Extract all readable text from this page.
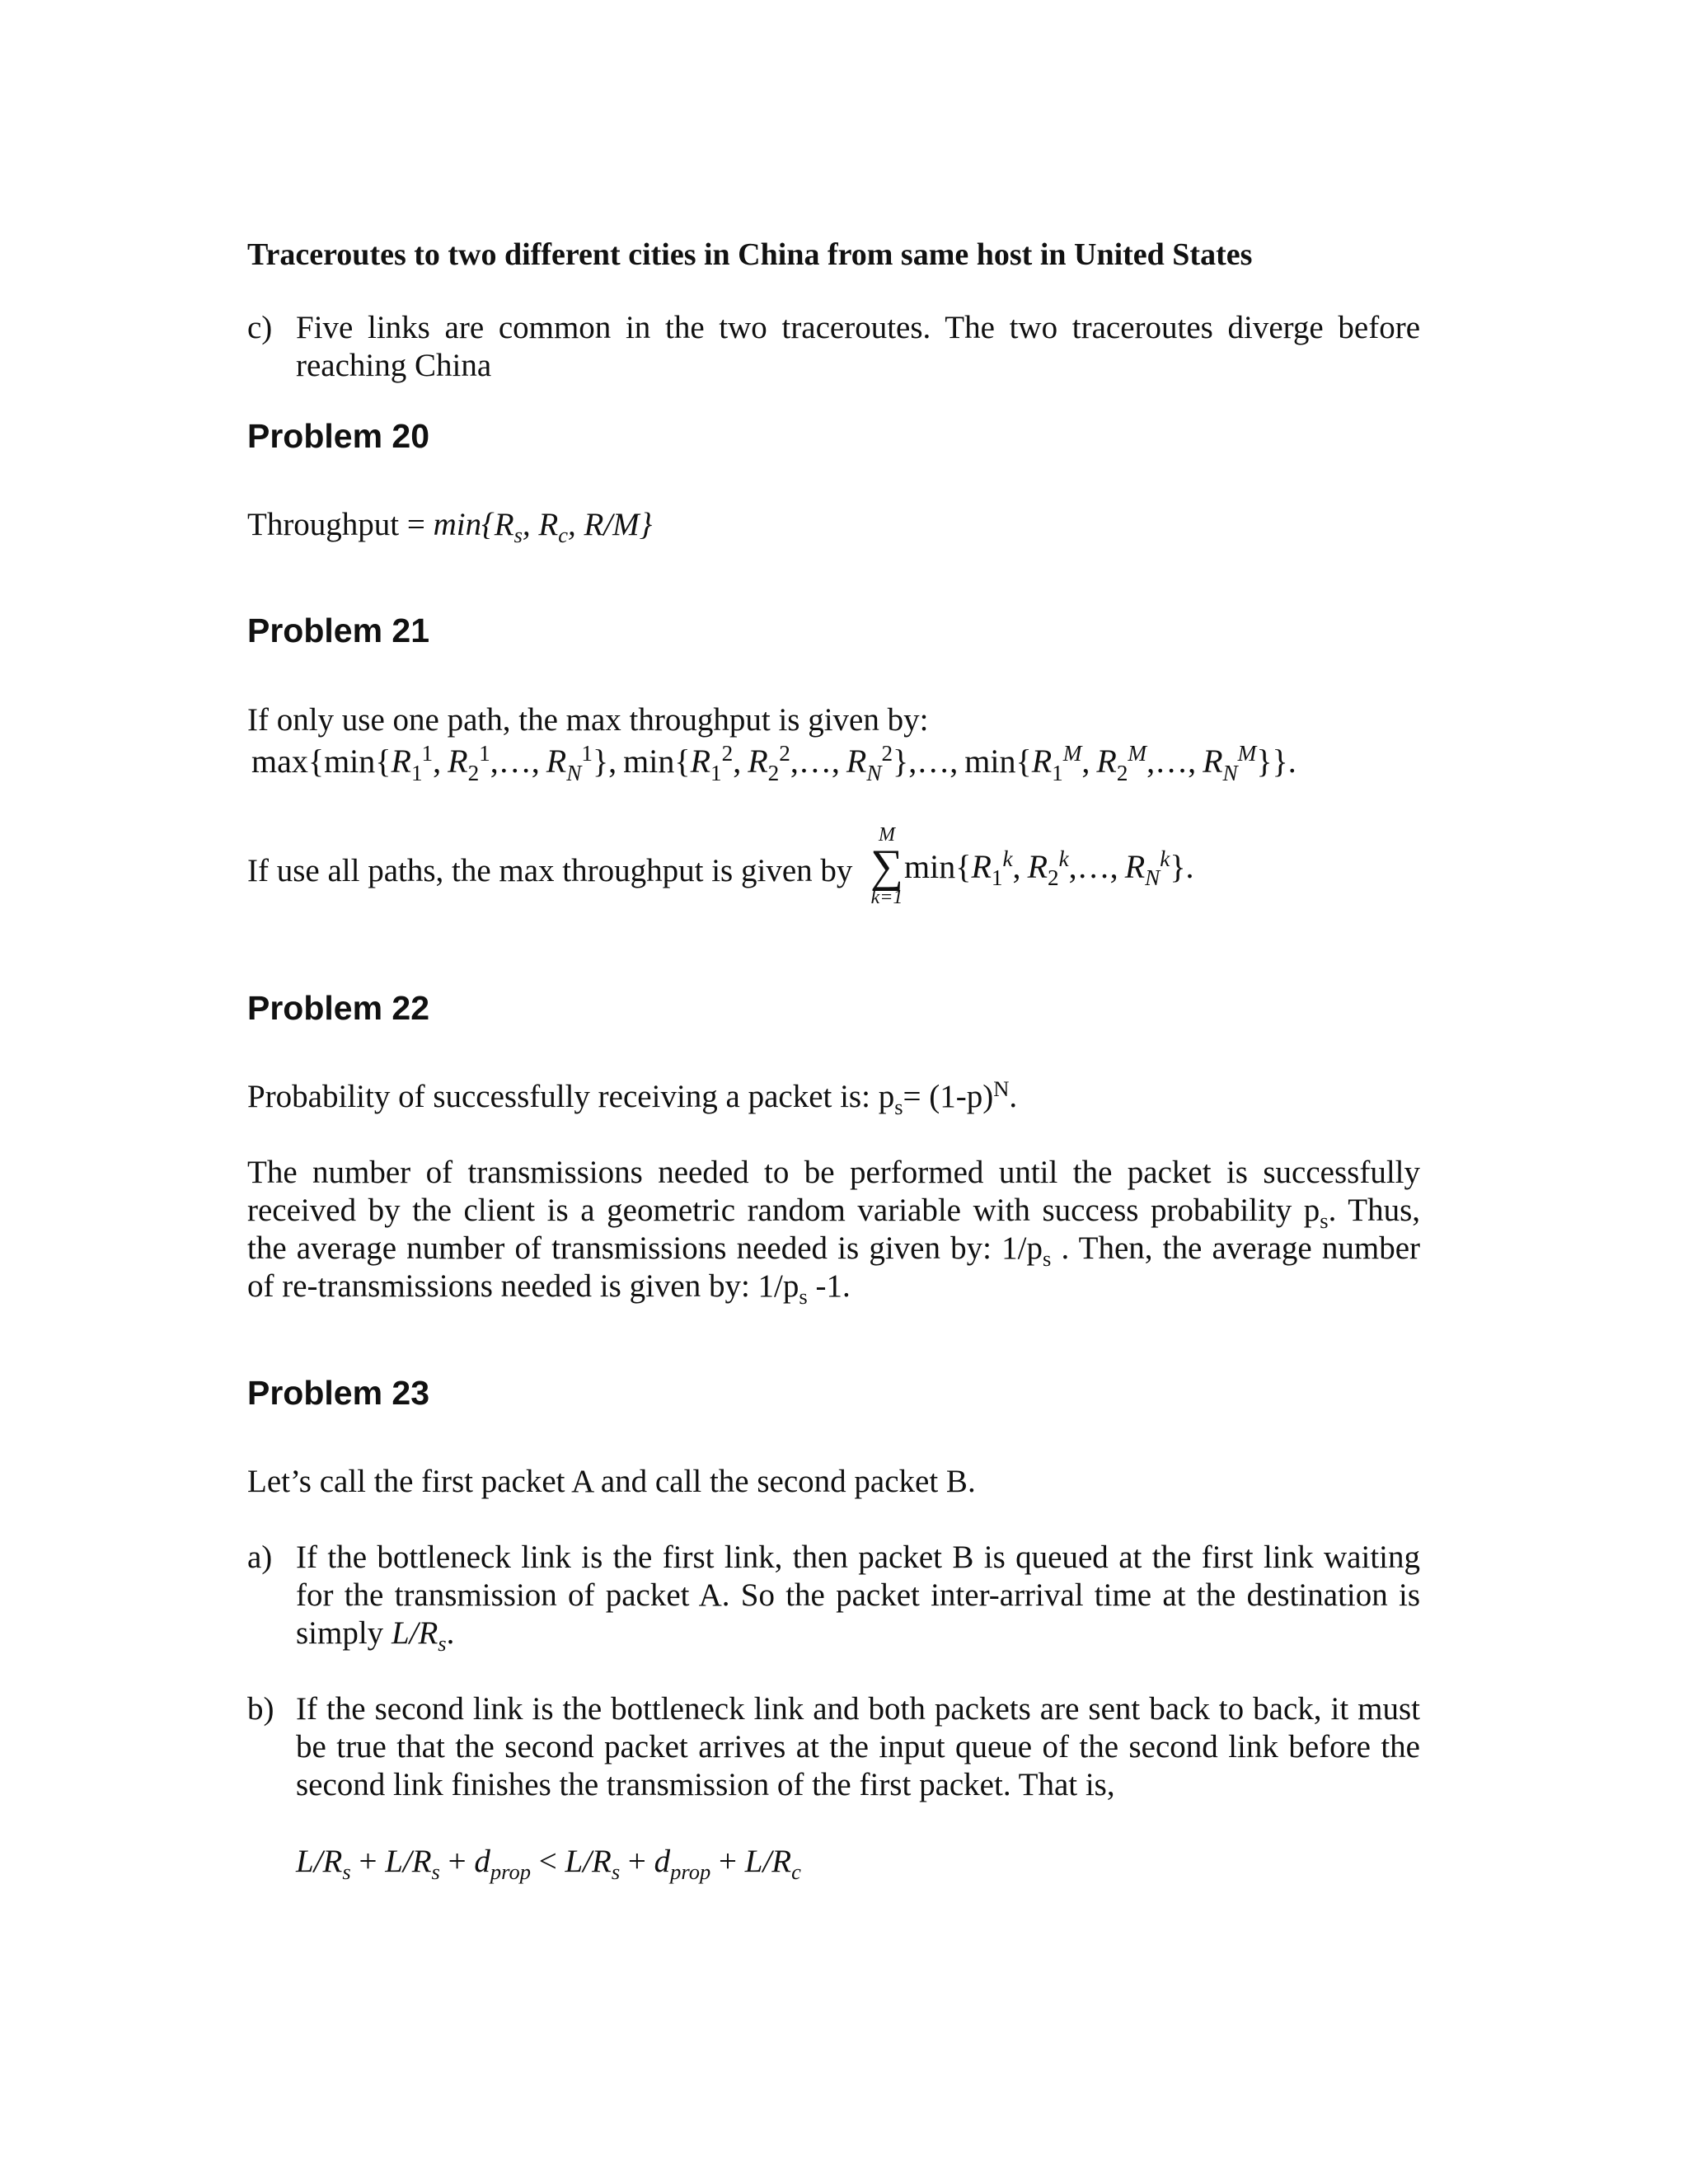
Traceroutes to two different cities in China from same host in United States
c) Five links are common in the two traceroutes. The two traceroutes diverge before
reaching China
Problem 20
Throughput = $\min\{R_s$, $R_c$, R/M}
Problem 21
If only use one path, the max throughput is given by:
$\max\{\min\{R_1^1$, $R_2^1,\dots$, $R_N^1$}, $\min\{R_1^2$, $R_2^2,\dots$, $R_N^2\},\dots$, $\min\{R_1^M$, $R_2^M,\dots$, $R_N^M$}}.
If use all paths, the max throughput is given by
M
∑
k=1
$\min\{R_1^k$, $R_2^k,\dots$, $R_N^k$}.
Problem 22
Probability of successfully receiving a packet is: $p_s= (1-p)^N$.
The number of transmissions needed to be performed until the packet is successfully
received by the client is a geometric random variable with success probability $p_s$. Thus,
the average number of transmissions needed is given by: $1/p_s$ . Then, the average number
of re-transmissions needed is given by: $1/p_s$ -1.
Problem 23
Let’s call the first packet A and call the second packet B.
a) If the bottleneck link is the first link, then packet B is queued at the first link waiting
for the transmission of packet A. So the packet inter-arrival time at the destination is
simply $L/R_s$.
b) If the second link is the bottleneck link and both packets are sent back to back, it must
be true that the second packet arrives at the input queue of the second link before the
second link finishes the transmission of the first packet. That is,
$L/R_s + L/R_s + d_{prop} < L/R_s + d_{prop} + L/R_c$
